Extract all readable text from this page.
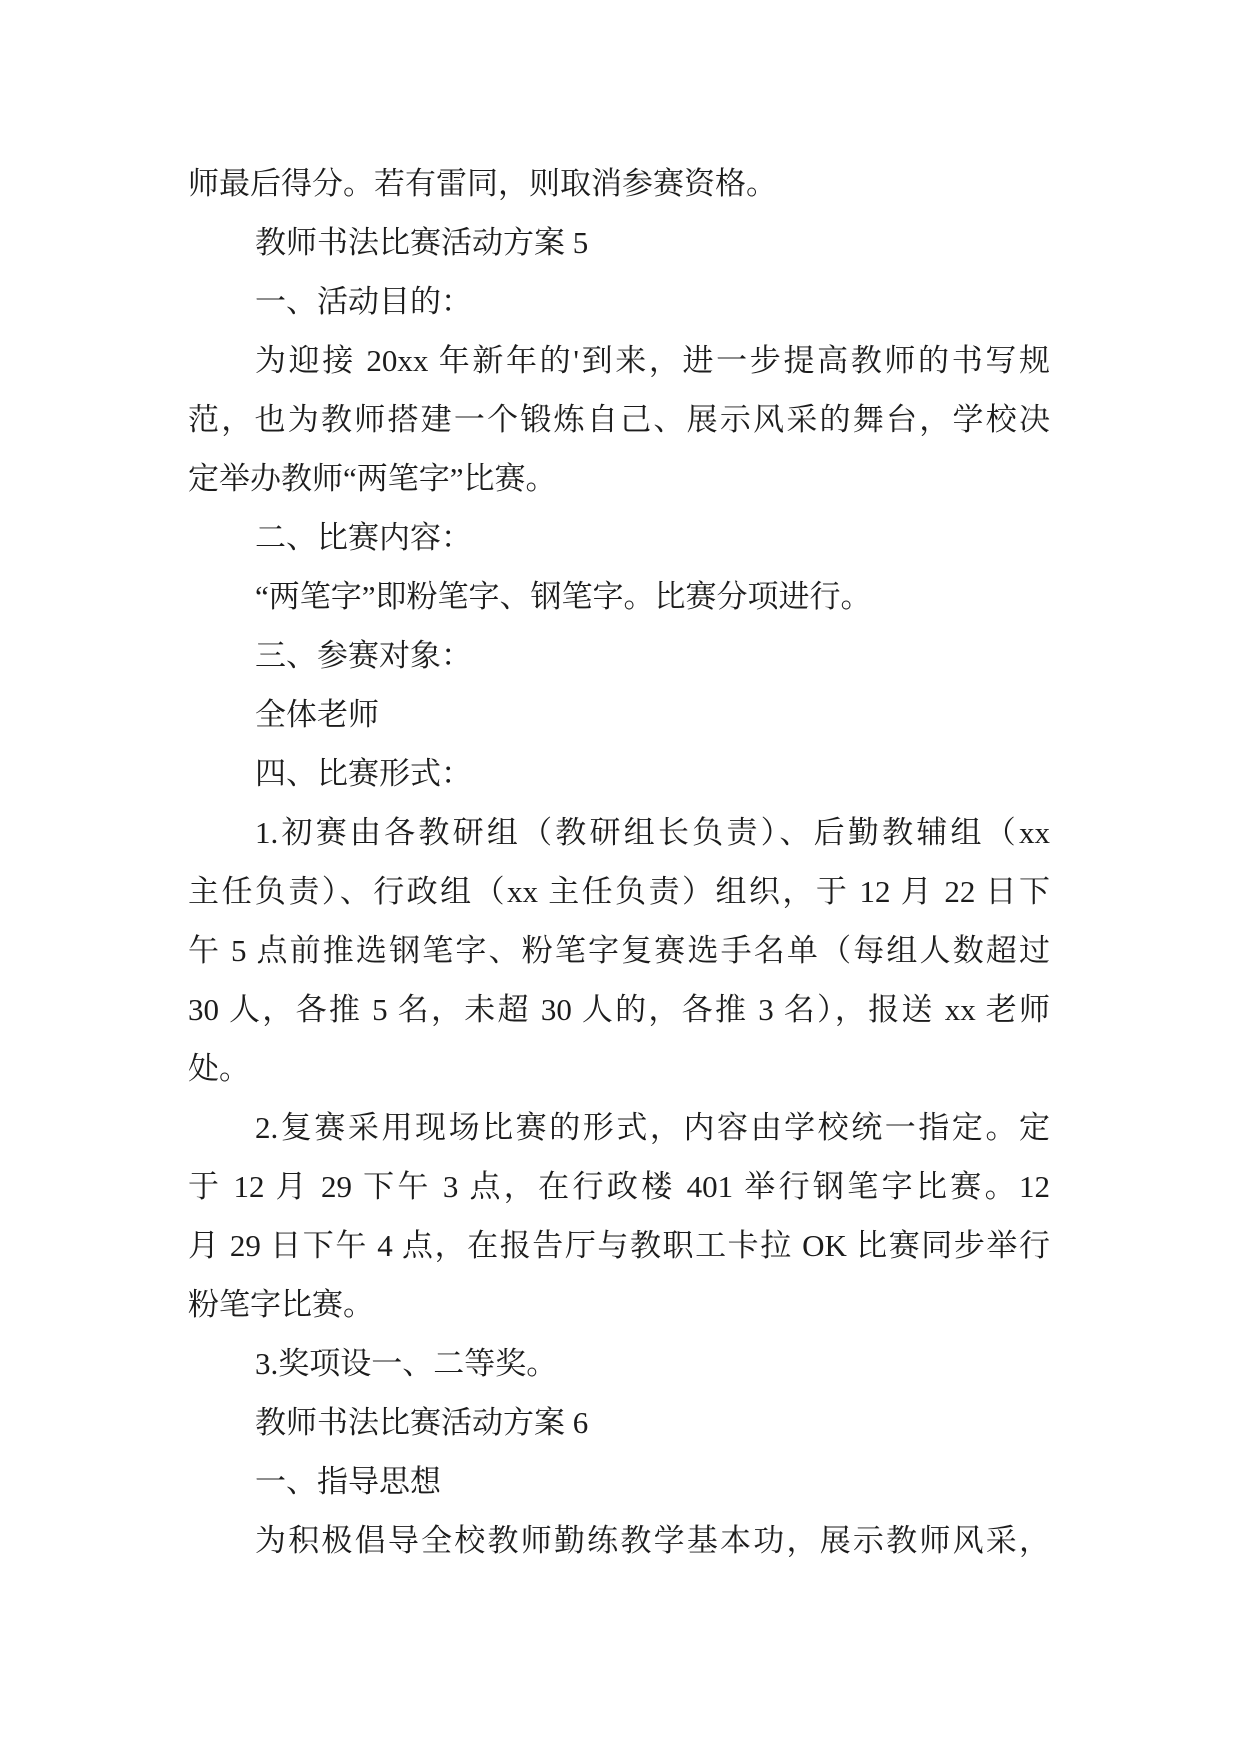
师最后得分。若有雷同，则取消参赛资格。
教师书法比赛活动方案 5
一、活动目的：
为迎接 20xx 年新年的'到来，进一步提高教师的书写规
范，也为教师搭建一个锻炼自己、展示风采的舞台，学校决
定举办教师“两笔字”比赛。
二、比赛内容：
“两笔字”即粉笔字、钢笔字。比赛分项进行。
三、参赛对象：
全体老师
四、比赛形式：
1.初赛由各教研组（教研组长负责）、后勤教辅组（xx
主任负责）、行政组（xx 主任负责）组织，于 12 月 22 日下
午 5 点前推选钢笔字、粉笔字复赛选手名单（每组人数超过
30 人，各推 5 名，未超 30 人的，各推 3 名），报送 xx 老师
处。
2.复赛采用现场比赛的形式，内容由学校统一指定。定
于 12 月 29 下午 3 点，在行政楼 401 举行钢笔字比赛。12
月 29 日下午 4 点，在报告厅与教职工卡拉 OK 比赛同步举行
粉笔字比赛。
3.奖项设一、二等奖。
教师书法比赛活动方案 6
一、指导思想
为积极倡导全校教师勤练教学基本功，展示教师风采，
